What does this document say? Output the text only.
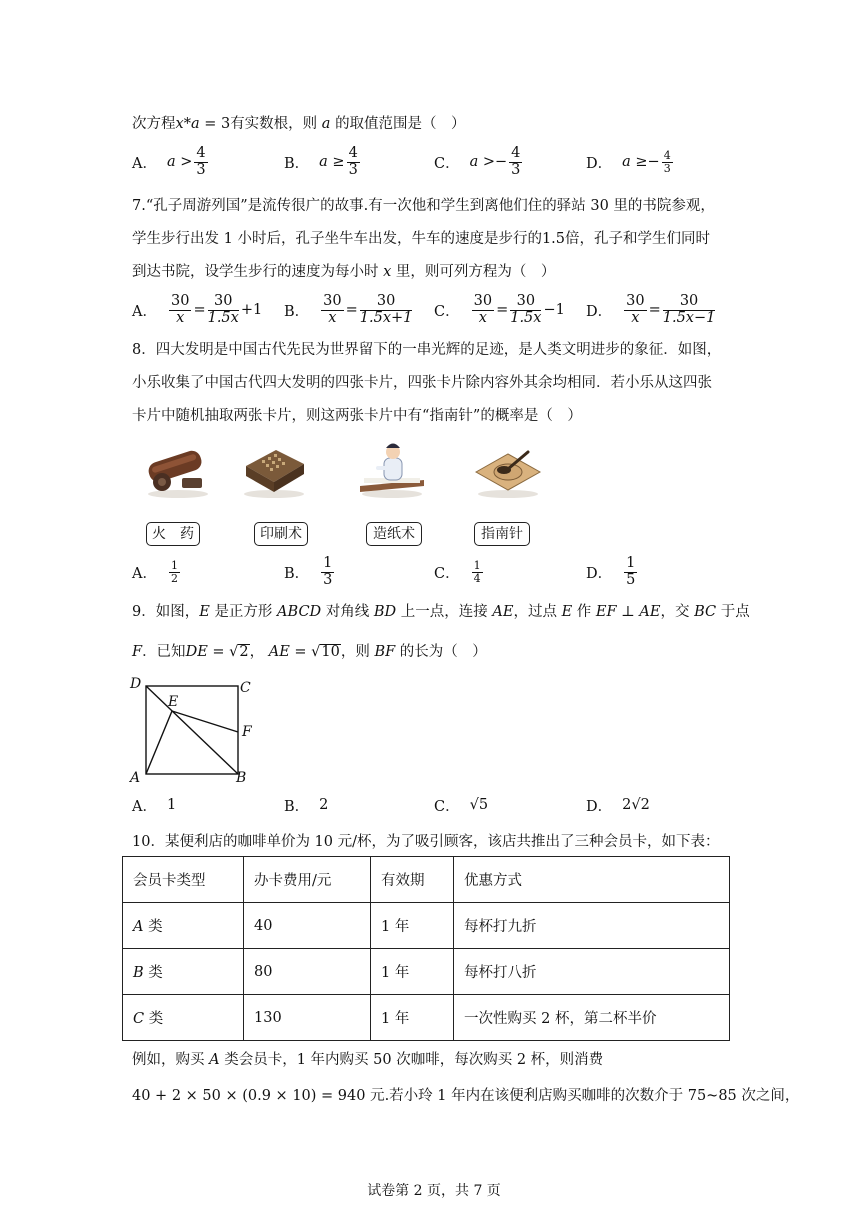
次方程x*a = 3有实数根，则 a 的取值范围是（　）
A． $a > \frac{4}{3}$	B． $a \ge \frac{4}{3}$	C． a > − $\frac{4}{3}$	D． a ≥ − $\frac{4}{3}$
7.“孔子周游列国”是流传很广的故事.有一次他和学生到离他们住的驿站 30 里的书院参观，
学生步行出发 1 小时后，孔子坐牛车出发，牛车的速度是步行的1.5倍，孔子和学生们同时
到达书院，设学生步行的速度为每小时 x 里，则可列方程为（　）
A． $\frac{30}{x} = \frac{30}{1.5x} +1$ B． $\frac{30}{x} = \frac{30}{1.5x+1}$ C． $\frac{30}{x} = \frac{30}{1.5x} -1$ D． $\frac{30}{x} = \frac{30}{1.5x-1}$
8．四大发明是中国古代先民为世界留下的一串光辉的足迹，是人类文明进步的象征．如图，
小乐收集了中国古代四大发明的四张卡片，四张卡片除内容外其余均相同．若小乐从这四张
卡片中随机抽取两张卡片，则这两张卡片中有“指南针”的概率是（　）
火　药	印刷术	造纸术	指南针
A． $\frac{1}{2}$	B． $\frac{1}{3}$	C． $\frac{1}{4}$	D． $\frac{1}{5}$
9．如图，E 是正方形 ABCD 对角线 BD 上一点，连接 AE，过点 E 作 EF ⊥ AE，交 BC 于点
F．已知DE = √2， AE = √10，则 BF 的长为（　）
D	C
E
F
A	B
A． 1	B． 2	C． √5	D． 2√2
10．某便利店的咖啡单价为 10 元/杯，为了吸引顾客，该店共推出了三种会员卡，如下表：
会员卡类型	办卡费用/元	有效期	优惠方式
A 类	40	1 年	每杯打九折
B 类	80	1 年	每杯打八折
C 类	130	1 年	一次性购买 2 杯，第二杯半价
例如，购买 A 类会员卡，1 年内购买 50 次咖啡，每次购买 2 杯，则消费
40 + 2 × 50 × (0.9 × 10) = 940 元.若小玲 1 年内在该便利店购买咖啡的次数介于 75~85 次之间，
试卷第 2 页，共 7 页
